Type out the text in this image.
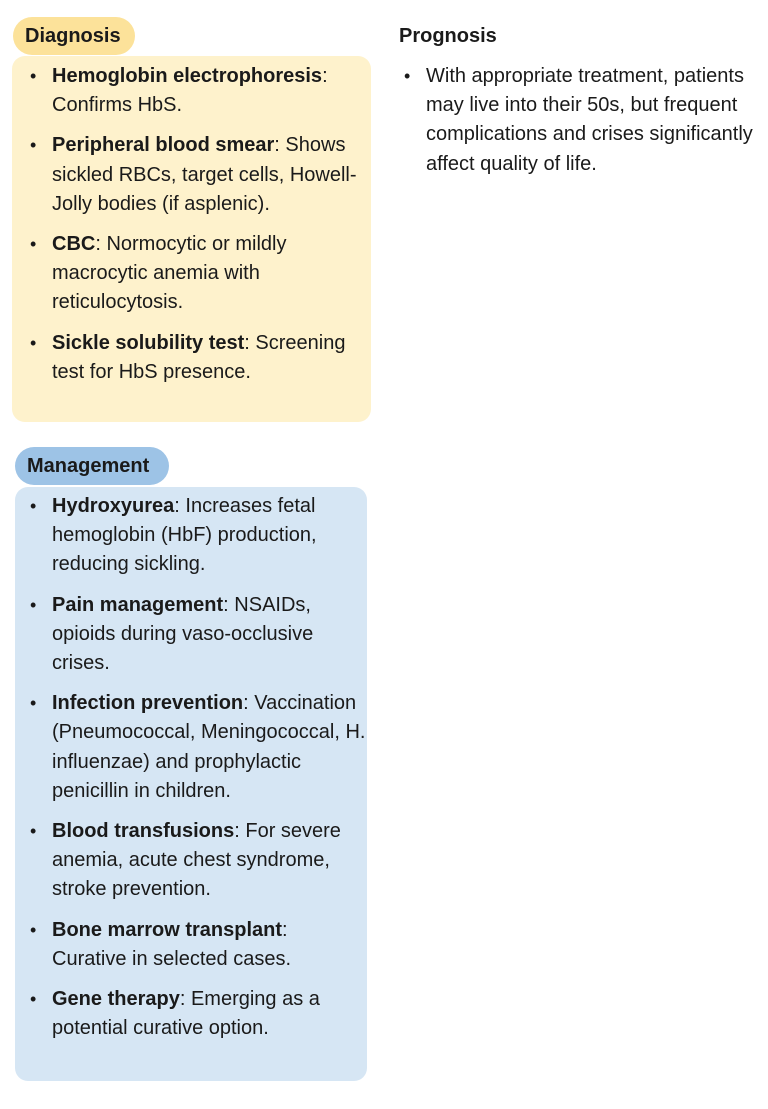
Diagnosis
• Hemoglobin electrophoresis: Confirms HbS.
• Peripheral blood smear: Shows sickled RBCs, target cells, Howell-Jolly bodies (if asplenic).
• CBC: Normocytic or mildly macrocytic anemia with reticulocytosis.
• Sickle solubility test: Screening test for HbS presence.
Management
• Hydroxyurea: Increases fetal hemoglobin (HbF) production, reducing sickling.
• Pain management: NSAIDs, opioids during vaso-occlusive crises.
• Infection prevention: Vaccination (Pneumococcal, Meningococcal, H. influenzae) and prophylactic penicillin in children.
• Blood transfusions: For severe anemia, acute chest syndrome, stroke prevention.
• Bone marrow transplant: Curative in selected cases.
• Gene therapy: Emerging as a potential curative option.
Prognosis
• With appropriate treatment, patients may live into their 50s, but frequent complications and crises significantly affect quality of life.
